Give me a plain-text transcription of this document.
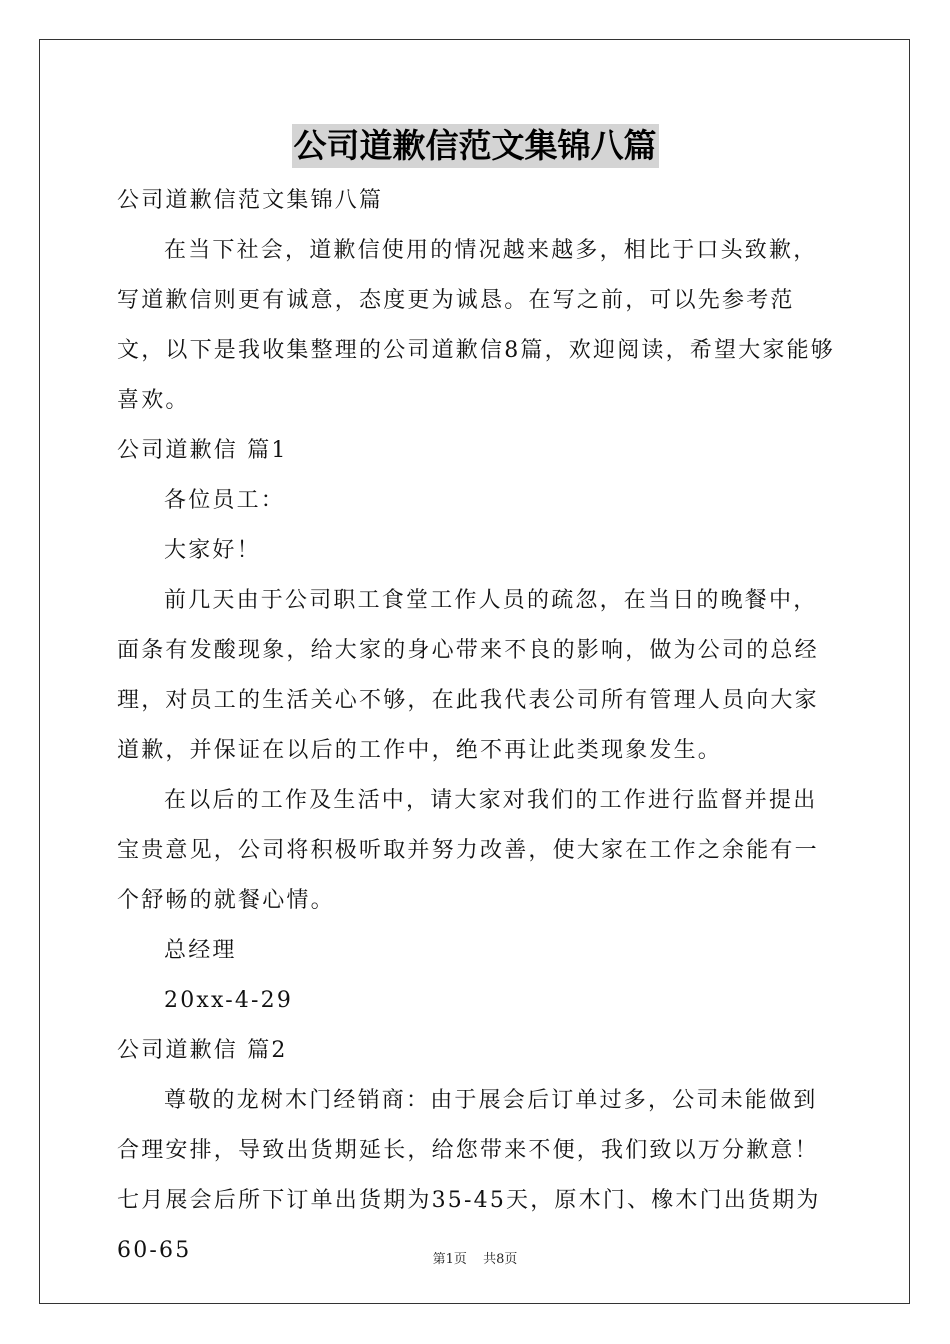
公司道歉信范文集锦八篇

公司道歉信范文集锦八篇

在当下社会，道歉信使用的情况越来越多，相比于口头致歉，写道歉信则更有诚意，态度更为诚恳。在写之前，可以先参考范文，以下是我收集整理的公司道歉信8篇，欢迎阅读，希望大家能够喜欢。

公司道歉信 篇1

各位员工：

大家好！

前几天由于公司职工食堂工作人员的疏忽，在当日的晚餐中，面条有发酸现象，给大家的身心带来不良的影响，做为公司的总经理，对员工的生活关心不够，在此我代表公司所有管理人员向大家道歉，并保证在以后的工作中，绝不再让此类现象发生。

在以后的工作及生活中，请大家对我们的工作进行监督并提出宝贵意见，公司将积极听取并努力改善，使大家在工作之余能有一个舒畅的就餐心情。

总经理

20xx-4-29

公司道歉信 篇2

尊敬的龙树木门经销商：由于展会后订单过多，公司未能做到合理安排，导致出货期延长，给您带来不便，我们致以万分歉意！七月展会后所下订单出货期为35-45天，原木门、橡木门出货期为60-65	第1页 共8页
